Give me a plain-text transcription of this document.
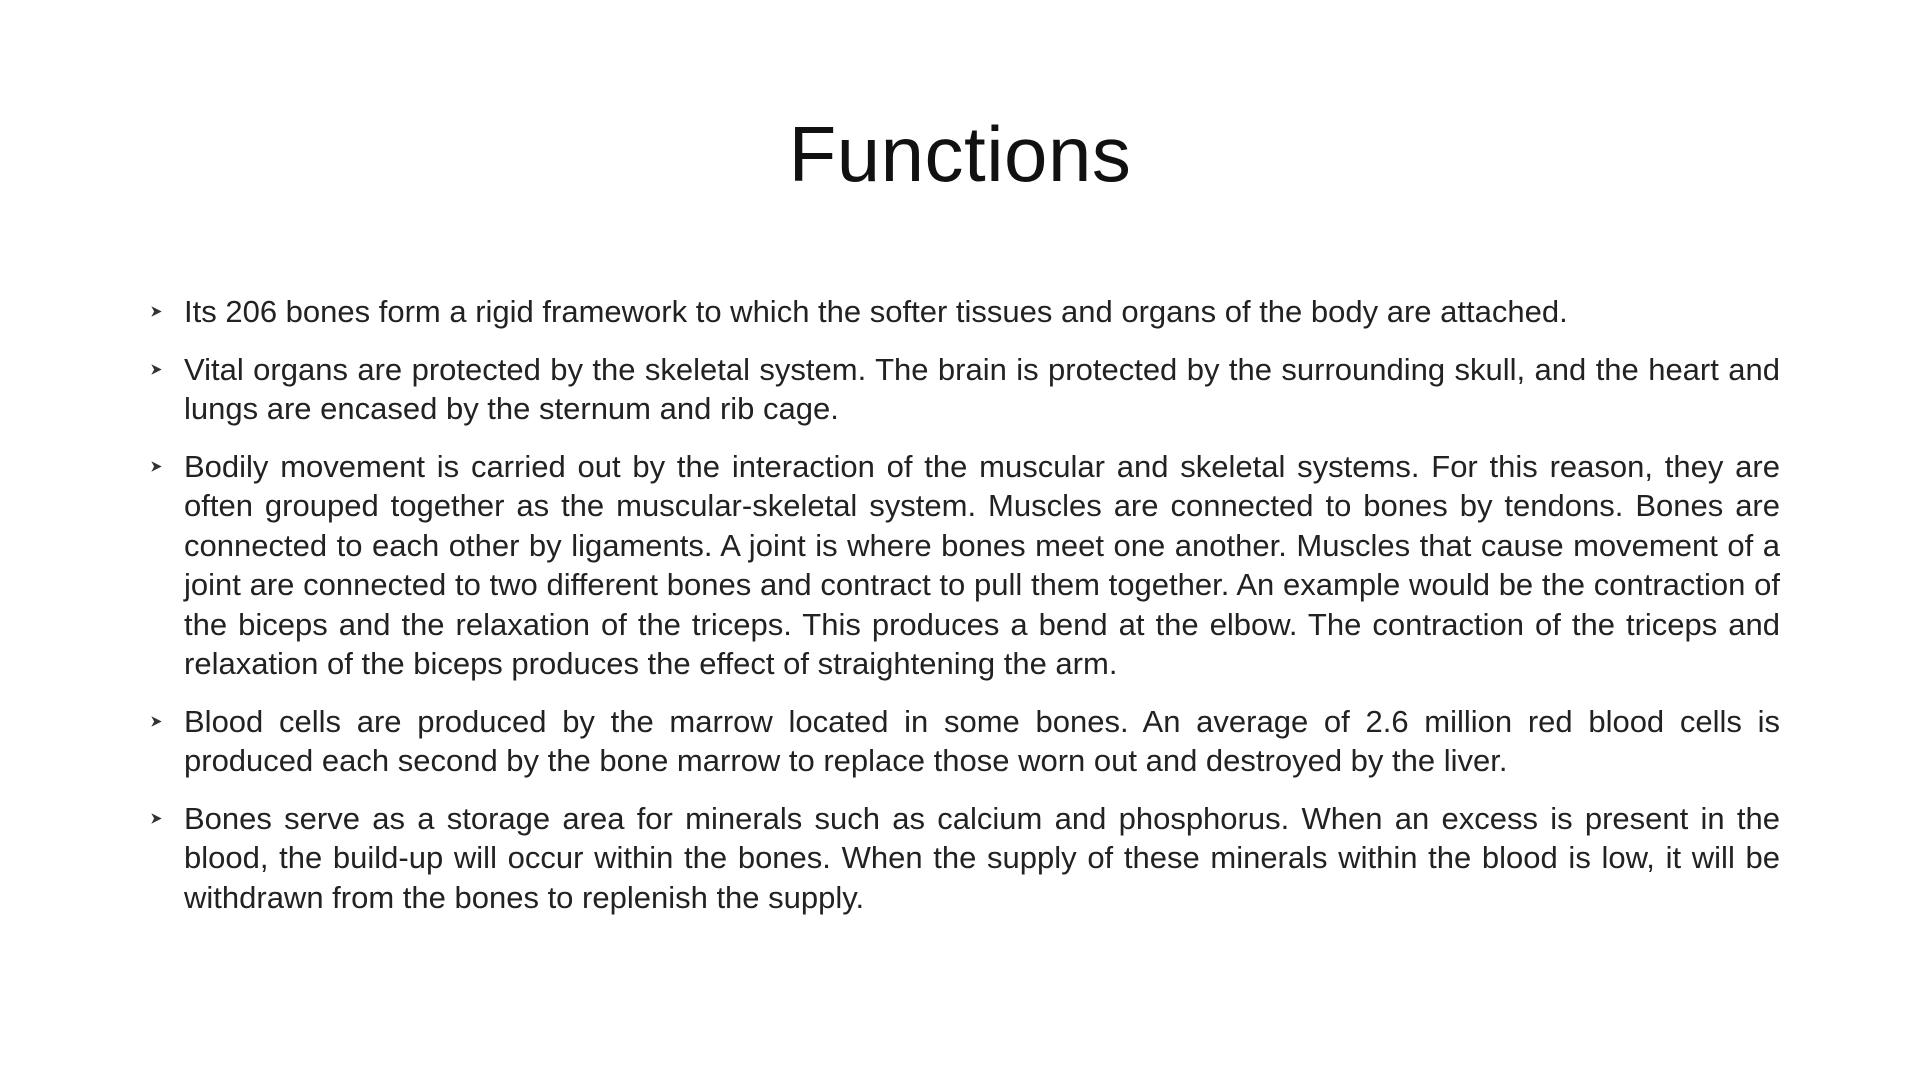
Functions
Its 206 bones form a rigid framework to which the softer tissues and organs of the body are attached.
Vital organs are protected by the skeletal system. The brain is protected by the surrounding skull, and the heart and lungs are encased by the sternum and rib cage.
Bodily movement is carried out by the interaction of the muscular and skeletal systems. For this reason, they are often grouped together as the muscular-skeletal system. Muscles are connected to bones by tendons. Bones are connected to each other by ligaments. A joint is where bones meet one another. Muscles that cause movement of a joint are connected to two different bones and contract to pull them together. An example would be the contraction of the biceps and the relaxation of the triceps. This produces a bend at the elbow. The contraction of the triceps and relaxation of the biceps produces the effect of straightening the arm.
Blood cells are produced by the marrow located in some bones. An average of 2.6 million red blood cells is produced each second by the bone marrow to replace those worn out and destroyed by the liver.
Bones serve as a storage area for minerals such as calcium and phosphorus. When an excess is present in the blood, the build-up will occur within the bones. When the supply of these minerals within the blood is low, it will be withdrawn from the bones to replenish the supply.
